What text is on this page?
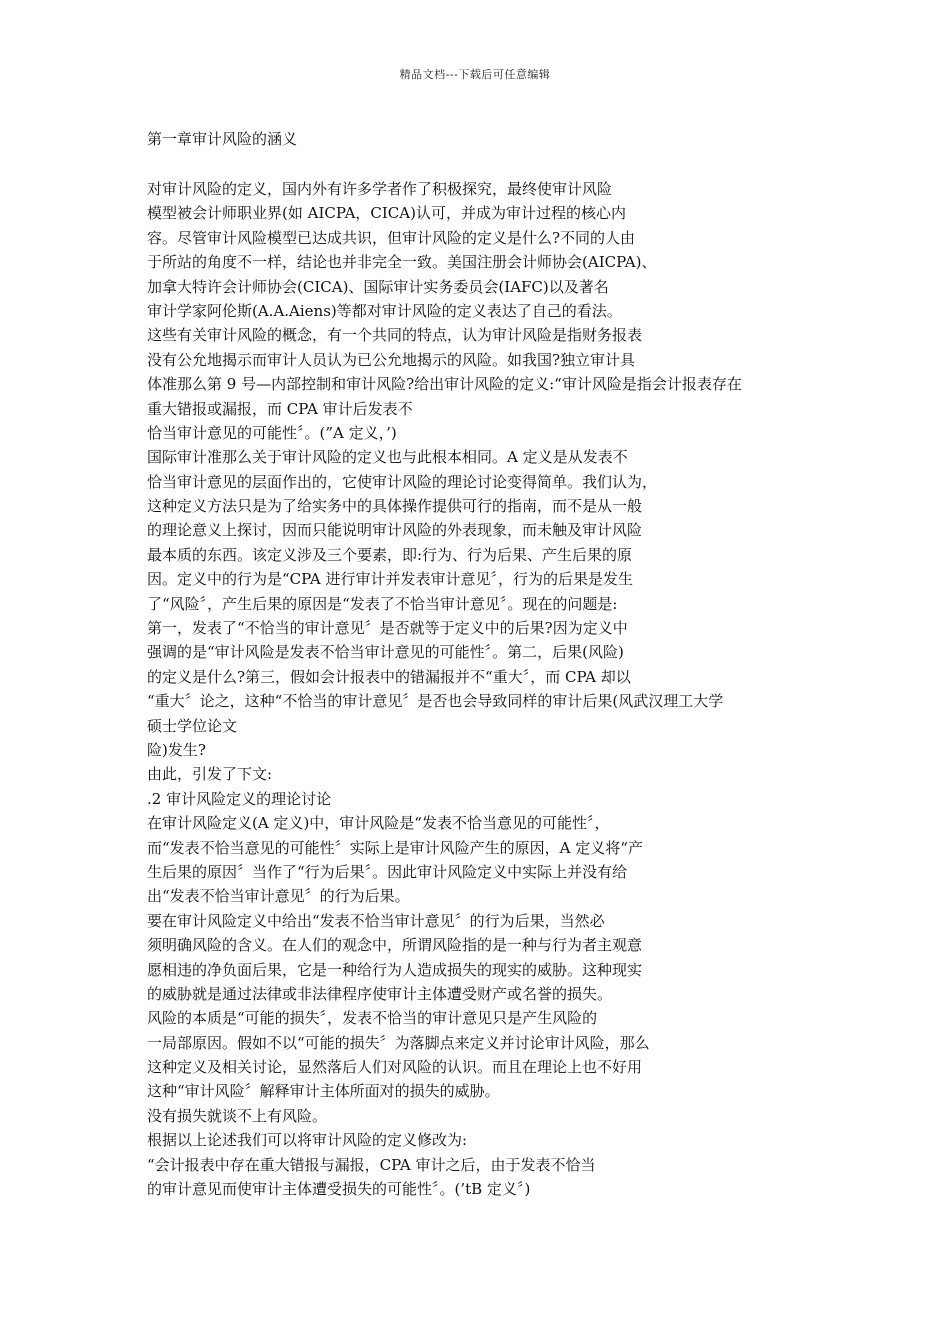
精品文档---下载后可任意编辑
第一章审计风险的涵义
对审计风险的定义，国内外有许多学者作了积极探究，最终使审计风险
模型被会计师职业界(如 AICPA，CICA)认可，并成为审计过程的核心内
容。尽管审计风险模型已达成共识，但审计风险的定义是什么?不同的人由
于所站的角度不一样，结论也并非完全一致。美国注册会计师协会(AICPA)、
加拿大特许会计师协会(CICA)、国际审计实务委员会(IAFC)以及著名
审计学家阿伦斯(A.A.Aiens)等都对审计风险的定义表达了自己的看法。
这些有关审计风险的概念，有一个共同的特点，认为审计风险是指财务报表
没有公允地揭示而审计人员认为已公允地揭示的风险。如我国?独立审计具
体准那么第 9 号—内部控制和审计风险?给出审计风险的定义:“审计风险是指会计报表存在
重大错报或漏报，而 CPA 审计后发表不
恰当审计意见的可能性〞。(”A 定义，’)
国际审计准那么关于审计风险的定义也与此根本相同。A 定义是从发表不
恰当审计意见的层面作出的，它使审计风险的理论讨论变得简单。我们认为，
这种定义方法只是为了给实务中的具体操作提供可行的指南，而不是从一般
的理论意义上探讨，因而只能说明审计风险的外表现象，而未触及审计风险
最本质的东西。该定义涉及三个要素，即:行为、行为后果、产生后果的原
因。定义中的行为是“CPA 进行审计并发表审计意见〞，行为的后果是发生
了“风险〞，产生后果的原因是“发表了不恰当审计意见〞。现在的问题是:
第一，发表了“不恰当的审计意见〞是否就等于定义中的后果?因为定义中
强调的是“审计风险是发表不恰当审计意见的可能性〞。第二，后果(风险)
的定义是什么?第三，假如会计报表中的错漏报并不“重大〞，而 CPA 却以
“重大〞论之，这种“不恰当的审计意见〞是否也会导致同样的审计后果(风武汉理工大学
硕士学位论文
险)发生?
由此，引发了下文:
.2 审计风险定义的理论讨论
在审计风险定义(A 定义)中，审计风险是“发表不恰当意见的可能性〞，
而“发表不恰当意见的可能性〞实际上是审计风险产生的原因，A 定义将“产
生后果的原因〞当作了“行为后果〞。因此审计风险定义中实际上并没有给
出“发表不恰当审计意见〞的行为后果。
要在审计风险定义中给出“发表不恰当审计意见〞的行为后果，当然必
须明确风险的含义。在人们的观念中，所谓风险指的是一种与行为者主观意
愿相违的净负面后果，它是一种给行为人造成损失的现实的威胁。这种现实
的威胁就是通过法律或非法律程序使审计主体遭受财产或名誉的损失。
风险的本质是“可能的损失〞，发表不恰当的审计意见只是产生风险的
一局部原因。假如不以“可能的损失〞为落脚点来定义并讨论审计风险，那么
这种定义及相关讨论，显然落后人们对风险的认识。而且在理论上也不好用
这种“审计风险〞解释审计主体所面对的损失的威胁。
没有损失就谈不上有风险。
根据以上论述我们可以将审计风险的定义修改为:
“会计报表中存在重大错报与漏报，CPA 审计之后，由于发表不恰当
的审计意见而使审计主体遭受损失的可能性〞。(’tB 定义〞)
